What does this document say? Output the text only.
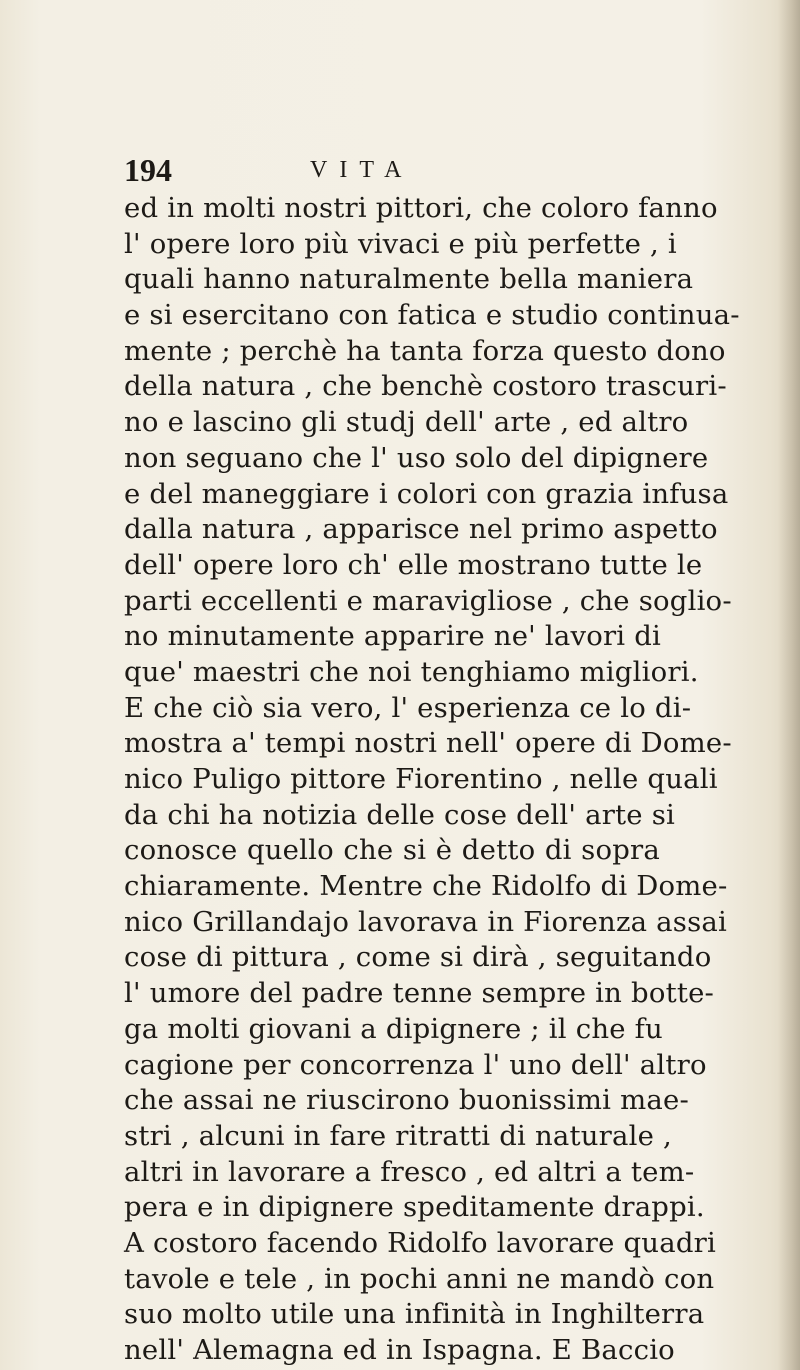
194	VITA
ed in molti nostri pittori, che coloro fanno
l' opere loro più vivaci e più perfette , i
quali hanno naturalmente bella maniera
e si esercitano con fatica e studio continua-
mente ; perchè ha tanta forza questo dono
della natura , che benchè costoro trascuri-
no e lascino gli studj dell' arte , ed altro
non seguano che l' uso solo del dipignere
e del maneggiare i colori con grazia infusa
dalla natura , apparisce nel primo aspetto
dell' opere loro ch' elle mostrano tutte le
parti eccellenti e maravigliose , che soglio-
no minutamente apparire ne' lavori di
que' maestri che noi tenghiamo migliori.
E che ciò sia vero, l' esperienza ce lo di-
mostra a' tempi nostri nell' opere di Dome-
nico Puligo pittore Fiorentino , nelle quali
da chi ha notizia delle cose dell' arte si
conosce quello che si è detto di sopra
chiaramente. Mentre che Ridolfo di Dome-
nico Grillandajo lavorava in Fiorenza assai
cose di pittura , come si dirà , seguitando
l' umore del padre tenne sempre in botte-
ga molti giovani a dipignere ; il che fu
cagione per concorrenza l' uno dell' altro
che assai ne riuscirono buonissimi mae-
stri , alcuni in fare ritratti di naturale ,
altri in lavorare a fresco , ed altri a tem-
pera e in dipignere speditamente drappi.
A costoro facendo Ridolfo lavorare quadri
tavole e tele , in pochi anni ne mandò con
suo molto utile una infinità in Inghilterra
nell' Alemagna ed in Ispagna. E Baccio
